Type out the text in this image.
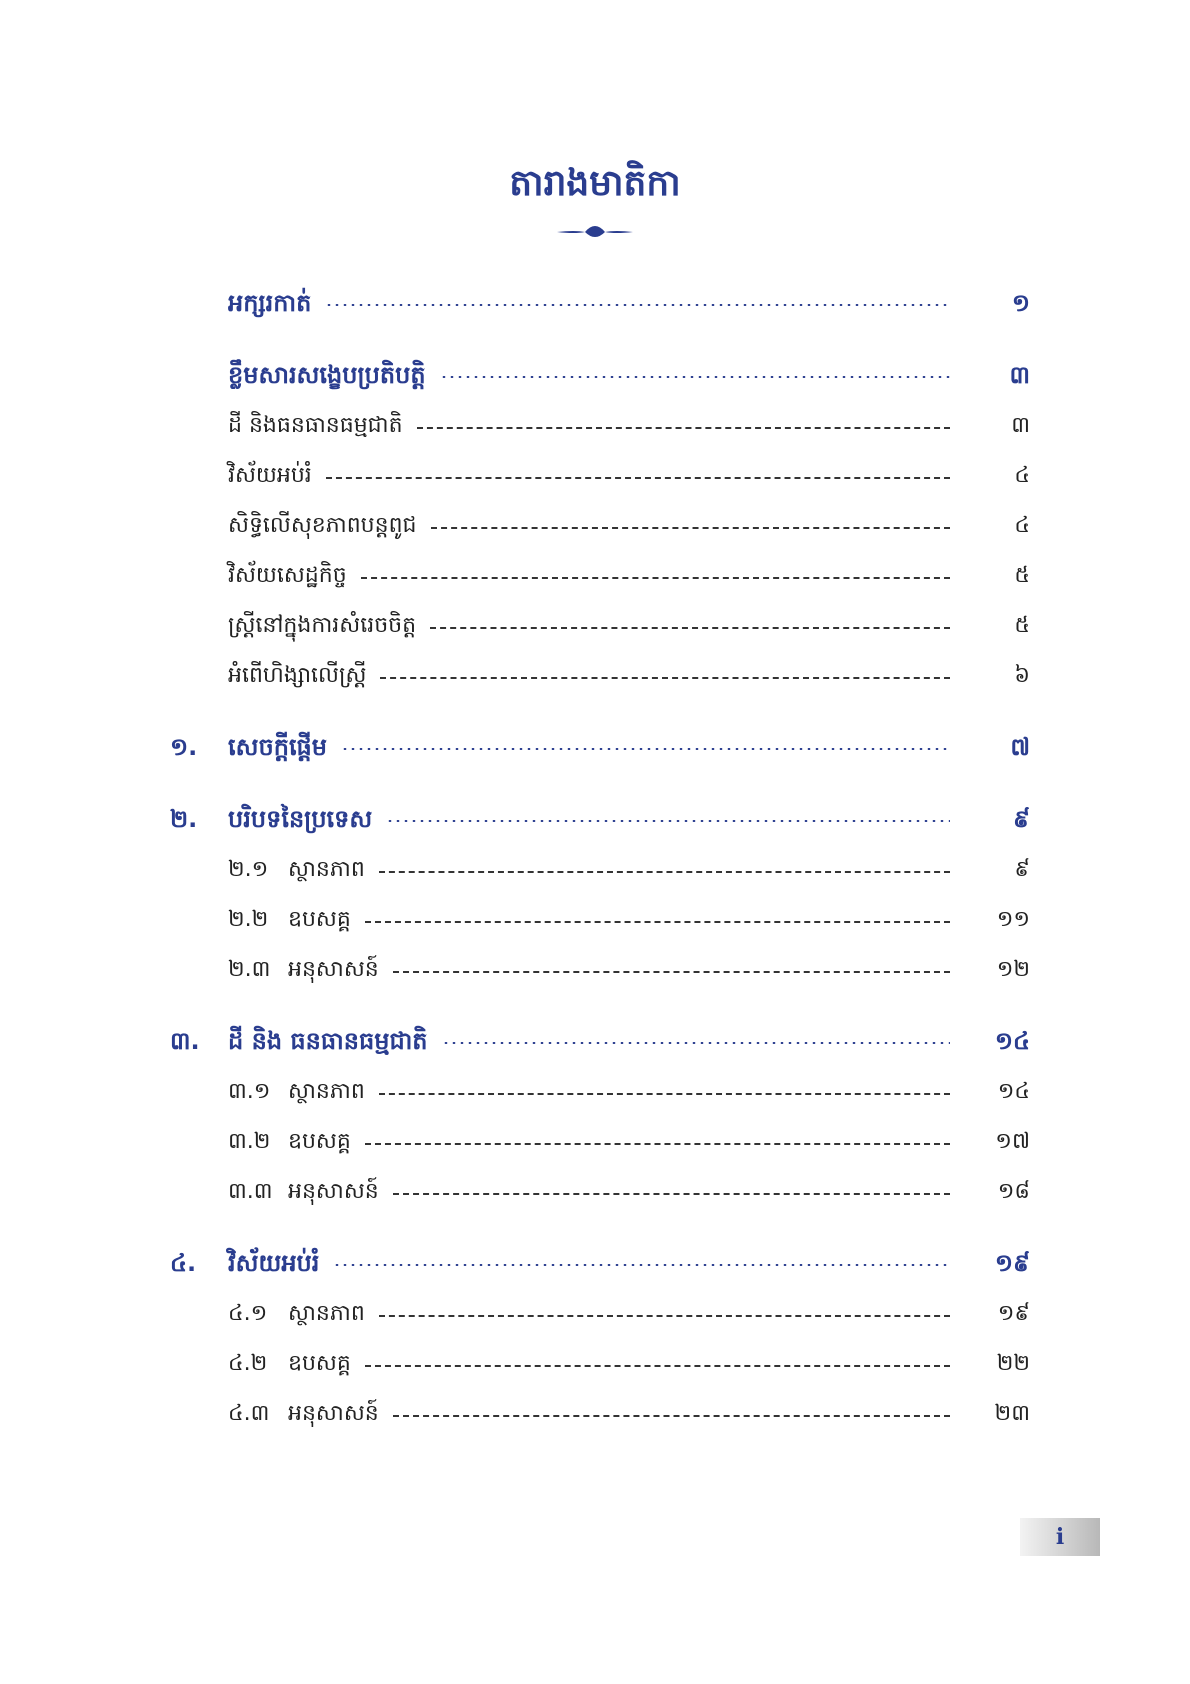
តារាងមាតិកា
អក្សរកាត់	១
ខ្លឹមសារសង្ខេបប្រតិបត្តិ	៣
ដី និងធនធានធម្មជាតិ	៣
វិស័យអប់រំ	៤
សិទ្ធិលើសុខភាពបន្តពូជ	៤
វិស័យសេដ្ឋកិច្ច	៥
ស្ត្រីនៅក្នុងការសំរេចចិត្ត	៥
អំពើហិង្សាលើស្ត្រី	៦
១.	សេចក្តីផ្តើម	៧
២.	បរិបទនៃប្រទេស	៩
២.១ ស្ថានភាព	៩
២.២ ឧបសគ្គ	១១
២.៣ អនុសាសន៍	១២
៣.	ដី និង ធនធានធម្មជាតិ	១៤
៣.១ ស្ថានភាព	១៤
៣.២ ឧបសគ្គ	១៧
៣.៣ អនុសាសន៍	១៨
៤.	វិស័យអប់រំ	១៩
៤.១ ស្ថានភាព	១៩
៤.២ ឧបសគ្គ	២២
៤.៣ អនុសាសន៍	២៣
i
